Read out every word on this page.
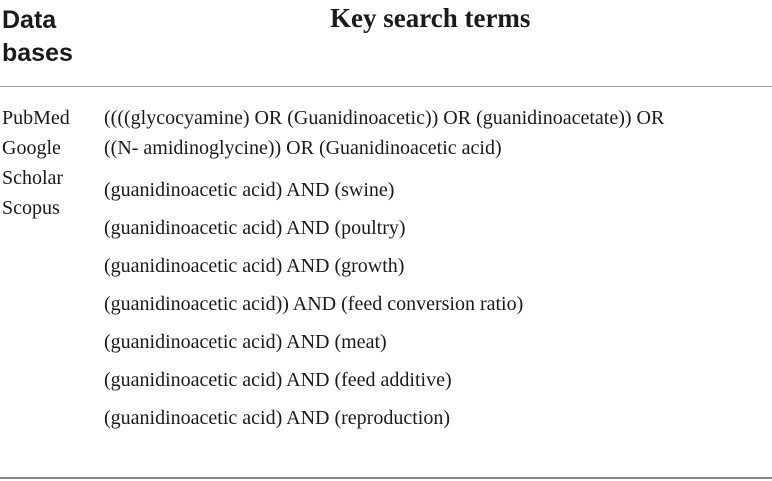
Data
bases
Key search terms
PubMed
Google
Scholar
Scopus
((((glycocyamine) OR (Guanidinoacetic)) OR (guanidinoacetate)) OR
((N- amidinoglycine)) OR (Guanidinoacetic acid)
(guanidinoacetic acid) AND (swine)
(guanidinoacetic acid) AND (poultry)
(guanidinoacetic acid) AND (growth)
(guanidinoacetic acid)) AND (feed conversion ratio)
(guanidinoacetic acid) AND (meat)
(guanidinoacetic acid) AND (feed additive)
(guanidinoacetic acid) AND (reproduction)
